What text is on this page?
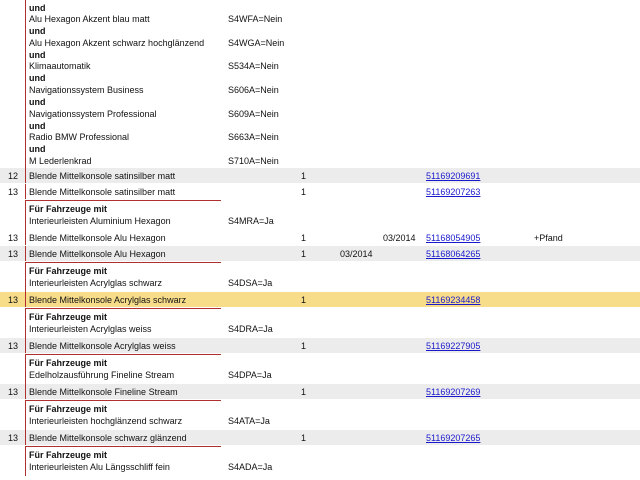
und
Alu Hexagon Akzent blau matt	S4WFA=Nein
und
Alu Hexagon Akzent schwarz hochglänzend	S4WGA=Nein
und
Klimaautomatik	S534A=Nein
und
Navigationssystem Business	S606A=Nein
und
Navigationssystem Professional	S609A=Nein
und
Radio BMW Professional	S663A=Nein
und
M Lederlenkrad	S710A=Nein
12 Blende Mittelkonsole satinsilber matt	1	51169209691
13 Blende Mittelkonsole satinsilber matt	1	51169207263
Für Fahrzeuge mit
Interieurleisten Aluminium Hexagon	S4MRA=Ja
13 Blende Mittelkonsole Alu Hexagon	1	03/2014 51168054905	+Pfand
13 Blende Mittelkonsole Alu Hexagon	1	03/2014	51168064265
Für Fahrzeuge mit
Interieurleisten Acrylglas schwarz	S4DSA=Ja
13 Blende Mittelkonsole Acrylglas schwarz	1	51169234458
Für Fahrzeuge mit
Interieurleisten Acrylglas weiss	S4DRA=Ja
13 Blende Mittelkonsole Acrylglas weiss	1	51169227905
Für Fahrzeuge mit
Edelholzausführung Fineline Stream	S4DPA=Ja
13 Blende Mittelkonsole Fineline Stream	1	51169207269
Für Fahrzeuge mit
Interieurleisten hochglänzend schwarz	S4ATA=Ja
13 Blende Mittelkonsole schwarz glänzend	1	51169207265
Für Fahrzeuge mit
Interieurleisten Alu Längsschliff fein	S4ADA=Ja
